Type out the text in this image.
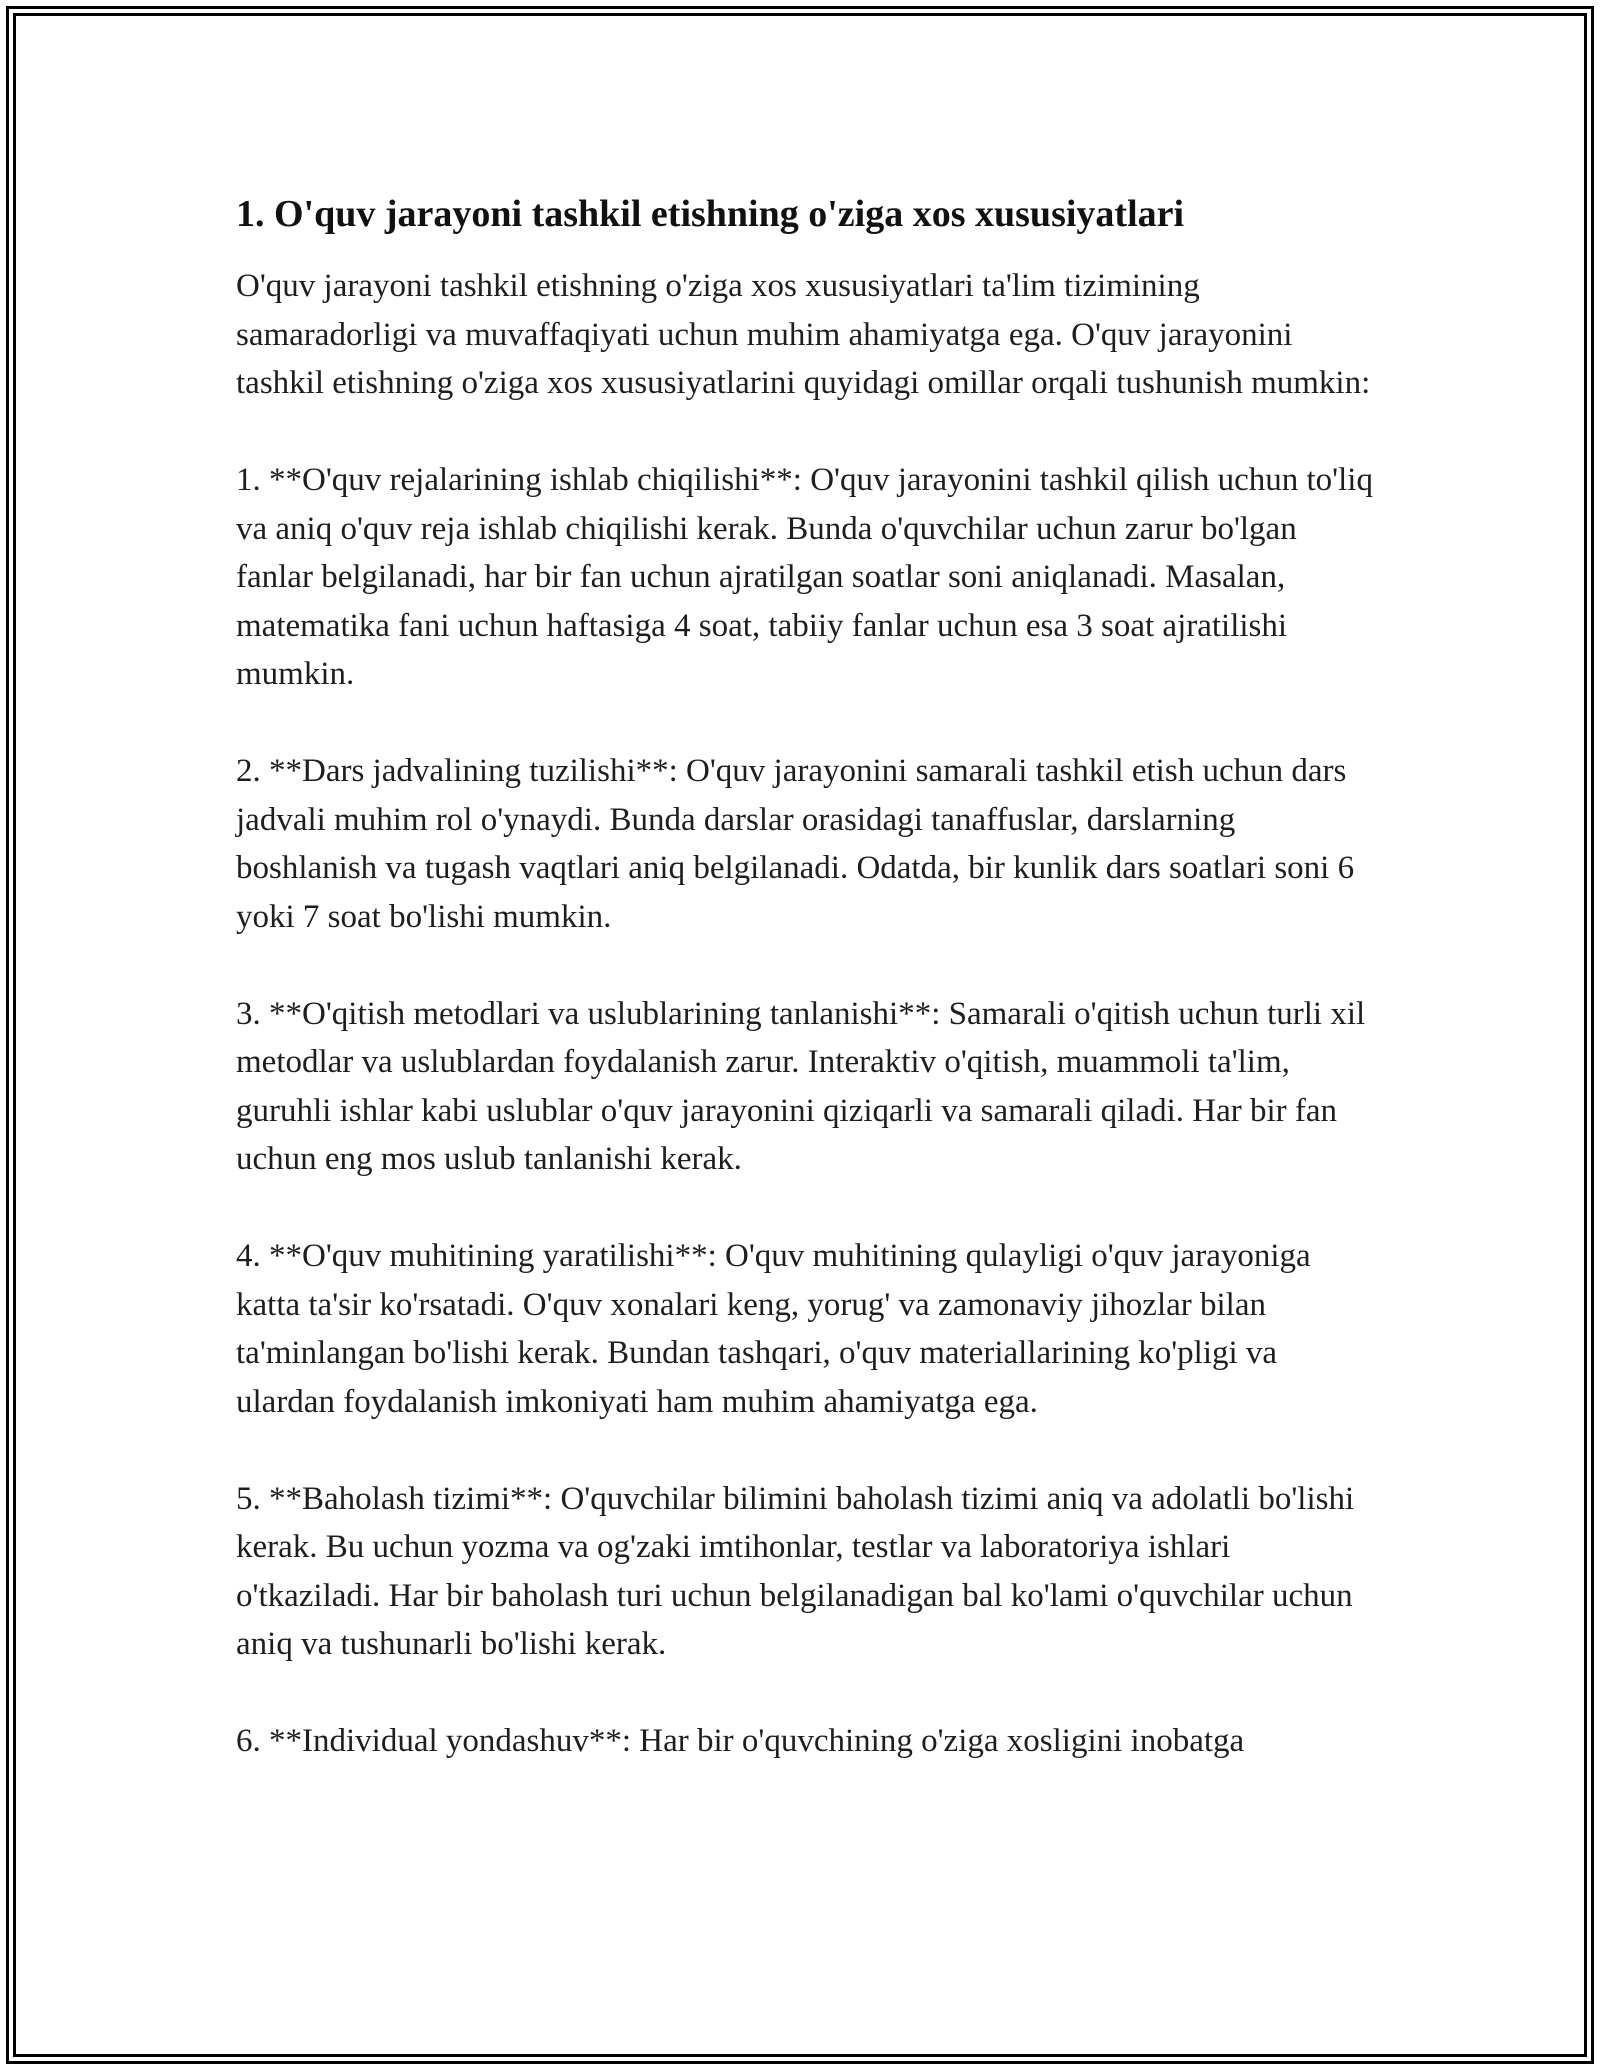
1. O'quv jarayoni tashkil etishning o'ziga xos xususiyatlari

O'quv jarayoni tashkil etishning o'ziga xos xususiyatlari ta'lim tizimining samaradorligi va muvaffaqiyati uchun muhim ahamiyatga ega. O'quv jarayonini tashkil etishning o'ziga xos xususiyatlarini quyidagi omillar orqali tushunish mumkin:

1. **O'quv rejalarining ishlab chiqilishi**: O'quv jarayonini tashkil qilish uchun to'liq va aniq o'quv reja ishlab chiqilishi kerak. Bunda o'quvchilar uchun zarur bo'lgan fanlar belgilanadi, har bir fan uchun ajratilgan soatlar soni aniqlanadi. Masalan, matematika fani uchun haftasiga 4 soat, tabiiy fanlar uchun esa 3 soat ajratilishi mumkin.

2. **Dars jadvalining tuzilishi**: O'quv jarayonini samarali tashkil etish uchun dars jadvali muhim rol o'ynaydi. Bunda darslar orasidagi tanaffuslar, darslarning boshlanish va tugash vaqtlari aniq belgilanadi. Odatda, bir kunlik dars soatlari soni 6 yoki 7 soat bo'lishi mumkin.

3. **O'qitish metodlari va uslublarining tanlanishi**: Samarali o'qitish uchun turli xil metodlar va uslublardan foydalanish zarur. Interaktiv o'qitish, muammoli ta'lim, guruhli ishlar kabi uslublar o'quv jarayonini qiziqarli va samarali qiladi. Har bir fan uchun eng mos uslub tanlanishi kerak.

4. **O'quv muhitining yaratilishi**: O'quv muhitining qulayligi o'quv jarayoniga katta ta'sir ko'rsatadi. O'quv xonalari keng, yorug' va zamonaviy jihozlar bilan ta'minlangan bo'lishi kerak. Bundan tashqari, o'quv materiallarining ko'pligi va ulardan foydalanish imkoniyati ham muhim ahamiyatga ega.

5. **Baholash tizimi**: O'quvchilar bilimini baholash tizimi aniq va adolatli bo'lishi kerak. Bu uchun yozma va og'zaki imtihonlar, testlar va laboratoriya ishlari o'tkaziladi. Har bir baholash turi uchun belgilanadigan bal ko'lami o'quvchilar uchun aniq va tushunarli bo'lishi kerak.

6. **Individual yondashuv**: Har bir o'quvchining o'ziga xosligini inobatga
